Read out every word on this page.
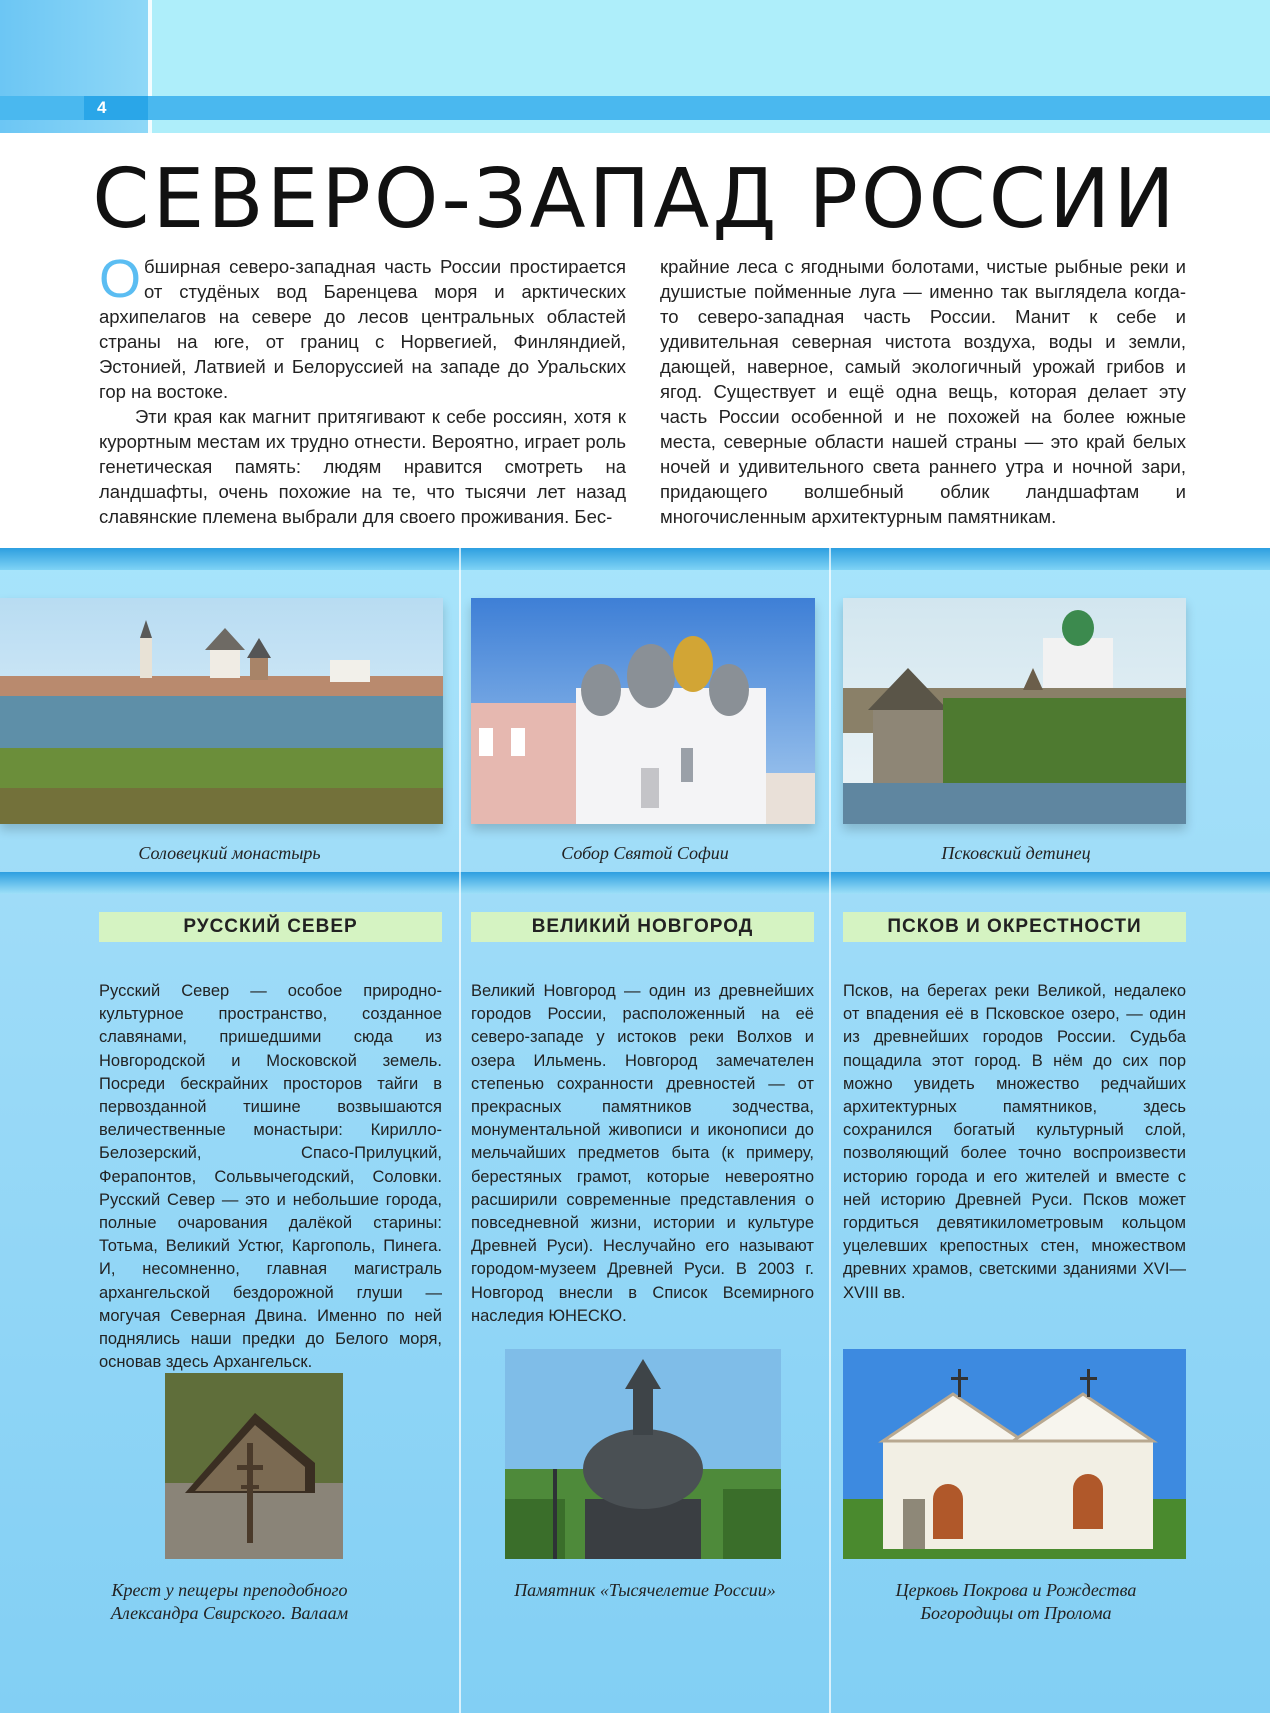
4
СЕВЕРО-ЗАПАД РОССИИ

Обширная северо-западная часть России простирается от студёных вод Баренцева моря и арктических архипелагов на севере до лесов центральных областей страны на юге, от границ с Норвегией, Финляндией, Эстонией, Латвией и Белоруссией на западе до Уральских гор на востоке.

Эти края как магнит притягивают к себе россиян, хотя к курортным местам их трудно отнести. Вероятно, играет роль генетическая память: людям нравится смотреть на ландшафты, очень похожие на те, что тысячи лет назад славянские племена выбрали для своего проживания. Бес-

крайние леса с ягодными болотами, чистые рыбные реки и душистые пойменные луга — именно так выглядела когда-то северо-западная часть России. Манит к себе и удивительная северная чистота воздуха, воды и земли, дающей, наверное, самый экологичный урожай грибов и ягод. Существует и ещё одна вещь, которая делает эту часть России особенной и не похожей на более южные места, северные области нашей страны — это край белых ночей и удивительного света раннего утра и ночной зари, придающего волшебный облик ландшафтам и многочисленным архитектурным памятникам.

Соловецкий монастырь
РУССКИЙ СЕВЕР

Русский Север — особое природно-культурное пространство, созданное славянами, пришедшими сюда из Новгородской и Московской земель. Посреди бескрайних просторов тайги в первозданной тишине возвышаются величественные монастыри: Кирилло-Белозерский, Спасо-Прилуцкий, Ферапонтов, Сольвычегодский, Соловки. Русский Север — это и небольшие города, полные очарования далёкой старины: Тотьма, Великий Устюг, Каргополь, Пинега. И, несомненно, главная магистраль архангельской бездорожной глуши — могучая Северная Двина. Именно по ней поднялись наши предки до Белого моря, основав здесь Архангельск.

Крест у пещеры преподобного
Александра Свирского. Валаам
Собор Святой Софии
ВЕЛИКИЙ НОВГОРОД

Великий Новгород — один из древнейших городов России, расположенный на её северо-западе у истоков реки Волхов и озера Ильмень. Новгород замечателен степенью сохранности древностей — от прекрасных памятников зодчества, монументальной живописи и иконописи до мельчайших предметов быта (к примеру, берестяных грамот, которые невероятно расширили современные представления о повседневной жизни, истории и культуре Древней Руси). Неслучайно его называют городом-музеем Древней Руси. В 2003 г. Новгород внесли в Список Всемирного наследия ЮНЕСКО.

Памятник «Тысячелетие России»
Псковский детинец
ПСКОВ И ОКРЕСТНОСТИ

Псков, на берегах реки Великой, недалеко от впадения её в Псковское озеро, — один из древнейших городов России. Судьба пощадила этот город. В нём до сих пор можно увидеть множество редчайших архитектурных памятников, здесь сохранился богатый культурный слой, позволяющий более точно воспроизвести историю города и его жителей и вместе с ней историю Древней Руси. Псков может гордиться девятикилометровым кольцом уцелевших крепостных стен, множеством древних храмов, светскими зданиями XVI—XVIII вв.

Церковь Покрова и Рождества
Богородицы от Пролома
